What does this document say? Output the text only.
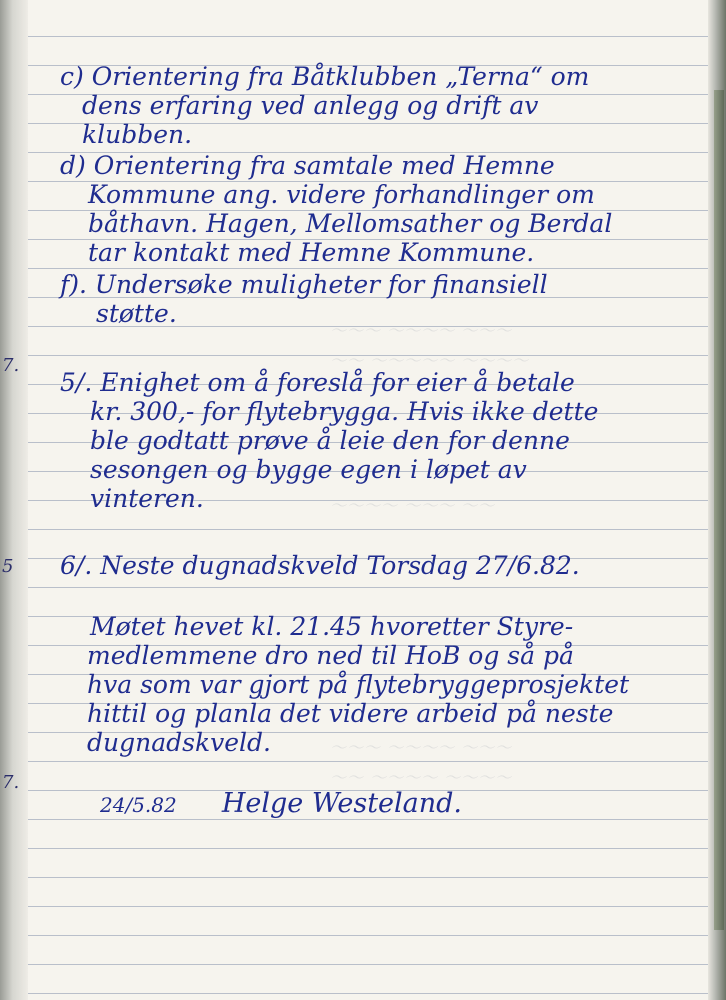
～～～ ～～～～ ～～～
～～ ～～～～～ ～～～～
～～～～ ～～～ ～～
～～～ ～～～～ ～～～
～～ ～～～～ ～～～～
7.
5
7.
c) Orientering fra Båtklubben „Terna“ om
dens erfaring ved anlegg og drift av
klubben.
d) Orientering fra samtale med Hemne
Kommune ang. videre forhandlinger om
båthavn. Hagen, Mellomsather og Berdal
tar kontakt med Hemne Kommune.
f). Undersøke muligheter for finansiell
støtte.
5/. Enighet om å foreslå for eier å betale
kr. 300,- for flytebrygga. Hvis ikke dette
ble godtatt prøve å leie den for denne
sesongen og bygge egen i løpet av
vinteren.
6/. Neste dugnadskveld Torsdag 27/6.82.
Møtet hevet kl. 21.45 hvoretter Styre-
medlemmene dro ned til HoB og så på
hva som var gjort på flytebryggeprosjektet
hittil og planla det videre arbeid på neste
dugnadskveld.
24/5.82 Helge Westeland.
